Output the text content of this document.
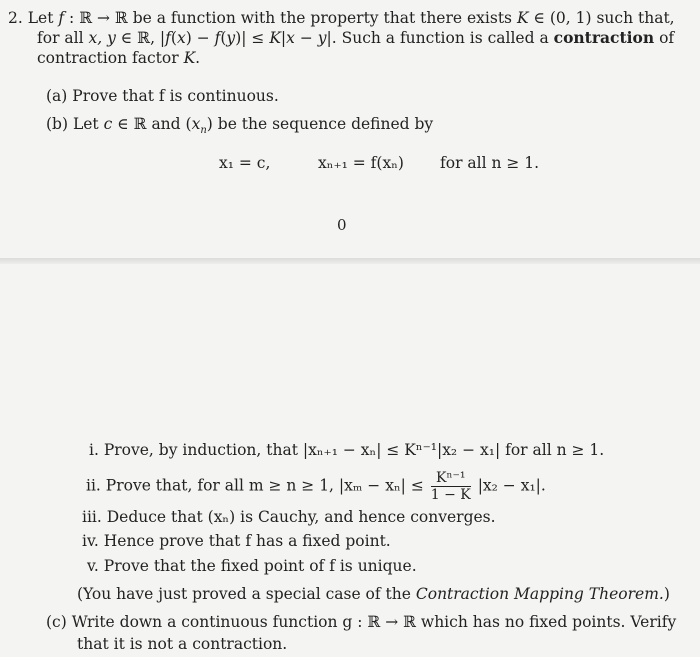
2. Let f : ℝ → ℝ be a function with the property that there exists K ∈ (0, 1) such that,
for all x, y ∈ ℝ, |f(x) − f(y)| ≤ K|x − y|. Such a function is called a contraction of
contraction factor K.
(a) Prove that f is continuous.
(b) Let c ∈ ℝ and $(x_n)$ be the sequence defined by
x₁ = c,	xₙ₊₁ = f(xₙ) for all n ≥ 1.
0
i. Prove, by induction, that |xₙ₊₁ − xₙ| ≤ Kⁿ⁻¹|x₂ − x₁| for all n ≥ 1.
ii. Prove that, for all m ≥ n ≥ 1, $|x_m - x_n| \le \frac{\text{Kⁿ⁻¹}}{1 - K} |x_2 - x_1|$.
iii. Deduce that (xₙ) is Cauchy, and hence converges.
iv. Hence prove that f has a fixed point.
v. Prove that the fixed point of f is unique.
(You have just proved a special case of the Contraction Mapping Theorem.)
(c) Write down a continuous function g : ℝ → ℝ which has no fixed points. Verify
that it is not a contraction.
